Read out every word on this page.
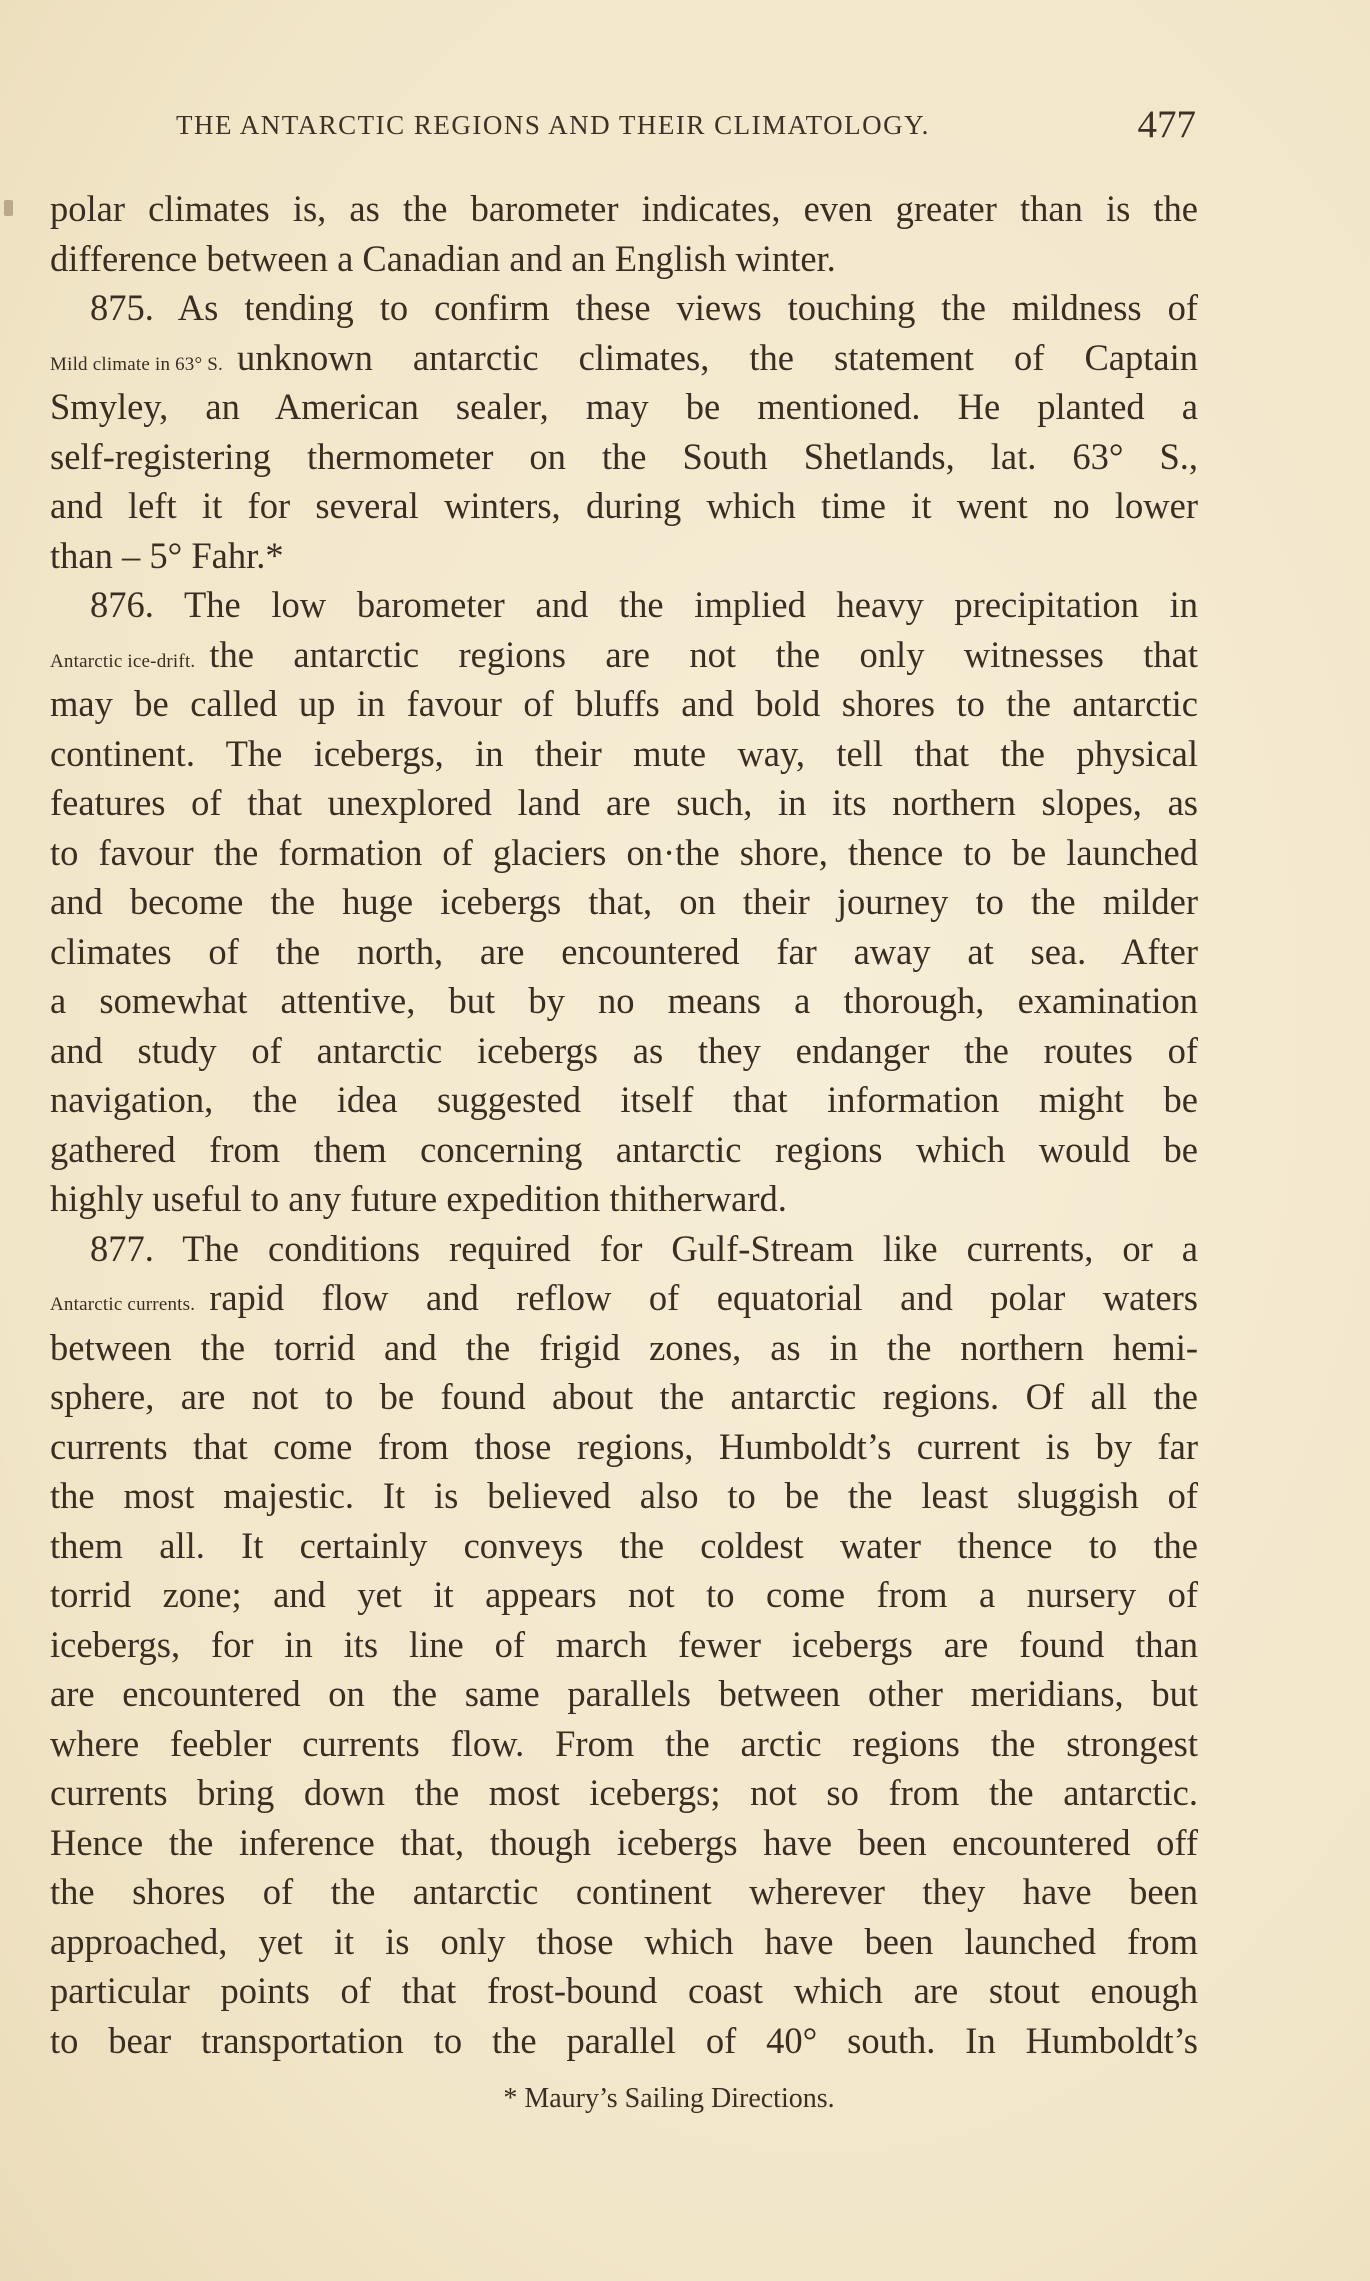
THE ANTARCTIC REGIONS AND THEIR CLIMATOLOGY.	477
polar climates is, as the barometer indicates, even greater than is the
difference between a Canadian and an English winter.
875. As tending to confirm these views touching the mildness of
Mild climate in 63° S. unknown antarctic climates, the statement of Captain
Smyley, an American sealer, may be mentioned. He planted a
self-registering thermometer on the South Shetlands, lat. 63° S.,
and left it for several winters, during which time it went no lower
than – 5° Fahr.*
876. The low barometer and the implied heavy precipitation in
Antarctic ice-drift. the antarctic regions are not the only witnesses that
may be called up in favour of bluffs and bold shores to the antarctic
continent. The icebergs, in their mute way, tell that the physical
features of that unexplored land are such, in its northern slopes, as
to favour the formation of glaciers on·the shore, thence to be launched
and become the huge icebergs that, on their journey to the milder
climates of the north, are encountered far away at sea. After
a somewhat attentive, but by no means a thorough, examination
and study of antarctic icebergs as they endanger the routes of
navigation, the idea suggested itself that information might be
gathered from them concerning antarctic regions which would be
highly useful to any future expedition thitherward.
877. The conditions required for Gulf-Stream like currents, or a
Antarctic currents. rapid flow and reflow of equatorial and polar waters
between the torrid and the frigid zones, as in the northern hemi-
sphere, are not to be found about the antarctic regions. Of all the
currents that come from those regions, Humboldt’s current is by far
the most majestic. It is believed also to be the least sluggish of
them all. It certainly conveys the coldest water thence to the
torrid zone; and yet it appears not to come from a nursery of
icebergs, for in its line of march fewer icebergs are found than
are encountered on the same parallels between other meridians, but
where feebler currents flow. From the arctic regions the strongest
currents bring down the most icebergs; not so from the antarctic.
Hence the inference that, though icebergs have been encountered off
the shores of the antarctic continent wherever they have been
approached, yet it is only those which have been launched from
particular points of that frost-bound coast which are stout enough
to bear transportation to the parallel of 40° south. In Humboldt’s
* Maury’s Sailing Directions.
